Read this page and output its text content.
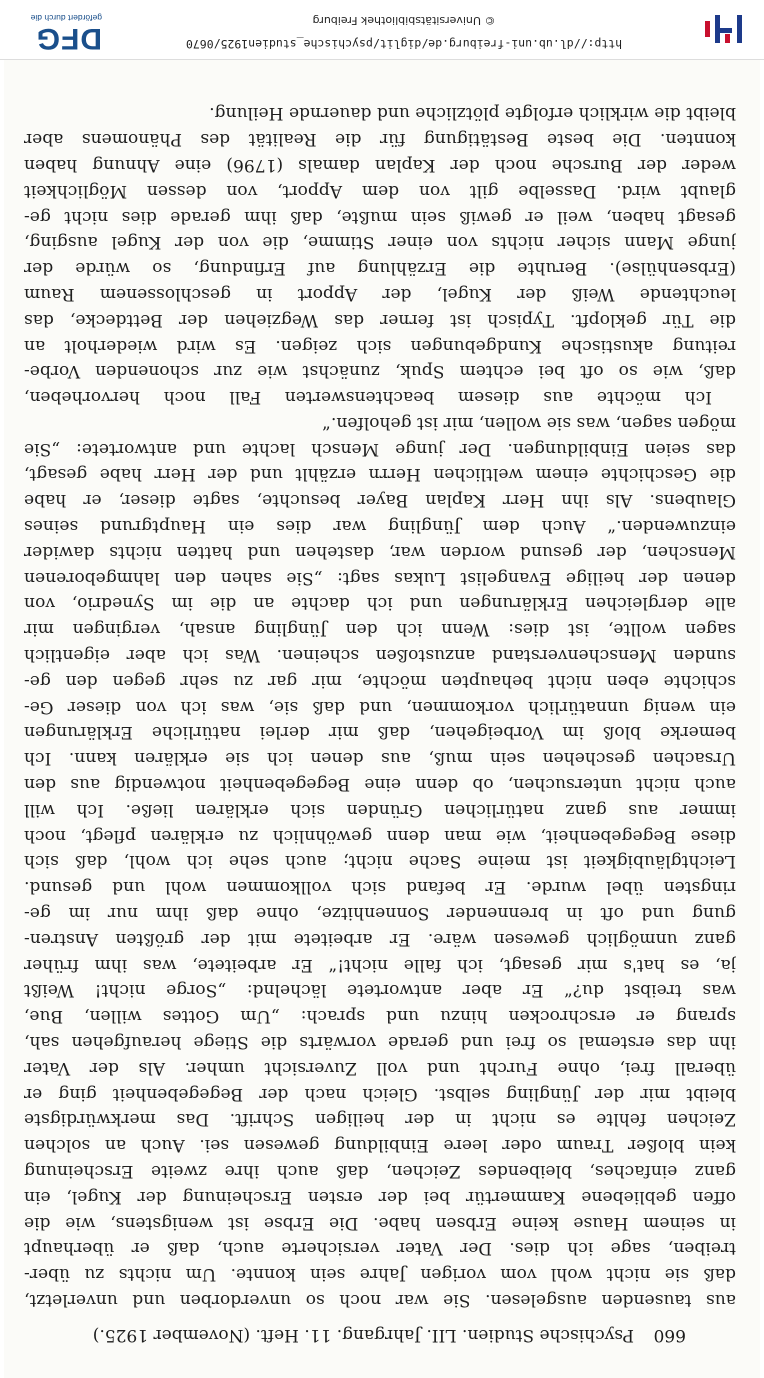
660
Psychische Studien. LII. Jahrgang. 11. Heft. (November 1925.)
aus tausenden ausgelesen. Sie war noch so unverdorben und unverletzt,
daß sie nicht wohl vom vorigen Jahre sein konnte. Um nichts zu über-
treiben, sage ich dies. Der Vater versicherte auch, daß er überhaupt
in seinem Hause keine Erbsen habe. Die Erbse ist wenigstens, wie die
offen gebliebene Kammertür bei der ersten Erscheinung der Kugel, ein
ganz einfaches, bleibendes Zeichen, daß auch ihre zweite Erscheinung
kein bloßer Traum oder leere Einbildung gewesen sei. Auch an solchen
Zeichen fehlte es nicht in der heiligen Schrift. Das merkwürdigste
bleibt mir der Jüngling selbst. Gleich nach der Begegebenheit ging er
überall frei, ohne Furcht und voll Zuversicht umher. Als der Vater
ihn das erstemal so frei und gerade vorwärts die Stiege heraufgehen sah,
sprang er erschrocken hinzu und sprach: „Um Gottes willen, Bue,
was treibst du?“ Er aber antwortete lächelnd: „Sorge nicht! Weißt
ja, es hat's mir gesagt, ich falle nicht!“ Er arbeitete, was ihm früher
ganz unmöglich gewesen wäre. Er arbeitete mit der größten Anstren-
gung und oft in brennender Sonnenhitze, ohne daß ihm nur im ge-
ringsten übel wurde. Er befand sich vollkommen wohl und gesund.
Leichtgläubigkeit ist meine Sache nicht; auch sehe ich wohl, daß sich
diese Begegebenheit, wie man denn gewöhnlich zu erklären pflegt, noch
immer aus ganz natürlichen Gründen sich erklären ließe. Ich will
auch nicht untersuchen, ob denn eine Begegebenheit notwendig aus den
Ursachen geschehen sein muß, aus denen ich sie erklären kann. Ich
bemerke bloß im Vorbeigehen, daß mir derlei natürliche Erklärungen
ein wenig unnatürlich vorkommen, und daß sie, was ich von dieser Ge-
schichte eben nicht behaupten möchte, mir gar zu sehr gegen den ge-
sunden Menschenverstand anzustoßen scheinen. Was ich aber eigentlich
sagen wollte, ist dies: Wenn ich den Jüngling ansah, vergingen mir
alle dergleichen Erklärungen und ich dachte an die im Synedrio, von
denen der heilige Evangelist Lukas sagt: „Sie sahen den lahmgeborenen
Menschen, der gesund worden war, dastehen und hatten nichts dawider
einzuwenden.“ Auch dem Jüngling war dies ein Hauptgrund seines
Glaubens. Als ihn Herr Kaplan Bayer besuchte, sagte dieser, er habe
die Geschichte einem weltlichen Herrn erzählt und der Herr habe gesagt,
das seien Einbildungen. Der junge Mensch lachte und antwortete: „Sie
mögen sagen, was sie wollen, mir ist geholfen.“
Ich möchte aus diesem beachtenswerten Fall noch hervorheben,
daß, wie so oft bei echtem Spuk, zunächst wie zur schonenden Vorbe-
reitung akustische Kundgebungen sich zeigen. Es wird wiederholt an
die Tür geklopft. Typisch ist ferner das Wegziehen der Bettdecke, das
leuchtende Weiß der Kugel, der Apport in geschlossenem Raum
(Erbsenhülse). Beruhte die Erzählung auf Erfindung, so würde der
junge Mann sicher nichts von einer Stimme, die von der Kugel ausging,
gesagt haben, weil er gewiß sein mußte, daß ihm gerade dies nicht ge-
glaubt wird. Dasselbe gilt von dem Apport, von dessen Möglichkeit
weder der Bursche noch der Kaplan damals (1796) eine Ahnung haben
konnten. Die beste Bestätigung für die Realität des Phänomens aber
bleibt die wirklich erfolgte plötzliche und dauernde Heilung.
http://dl.ub.uni-freiburg.de/diglit/psychische_studien1925/0670
© Universitätsbibliothek Freiburg
DFG
gefördert durch die
